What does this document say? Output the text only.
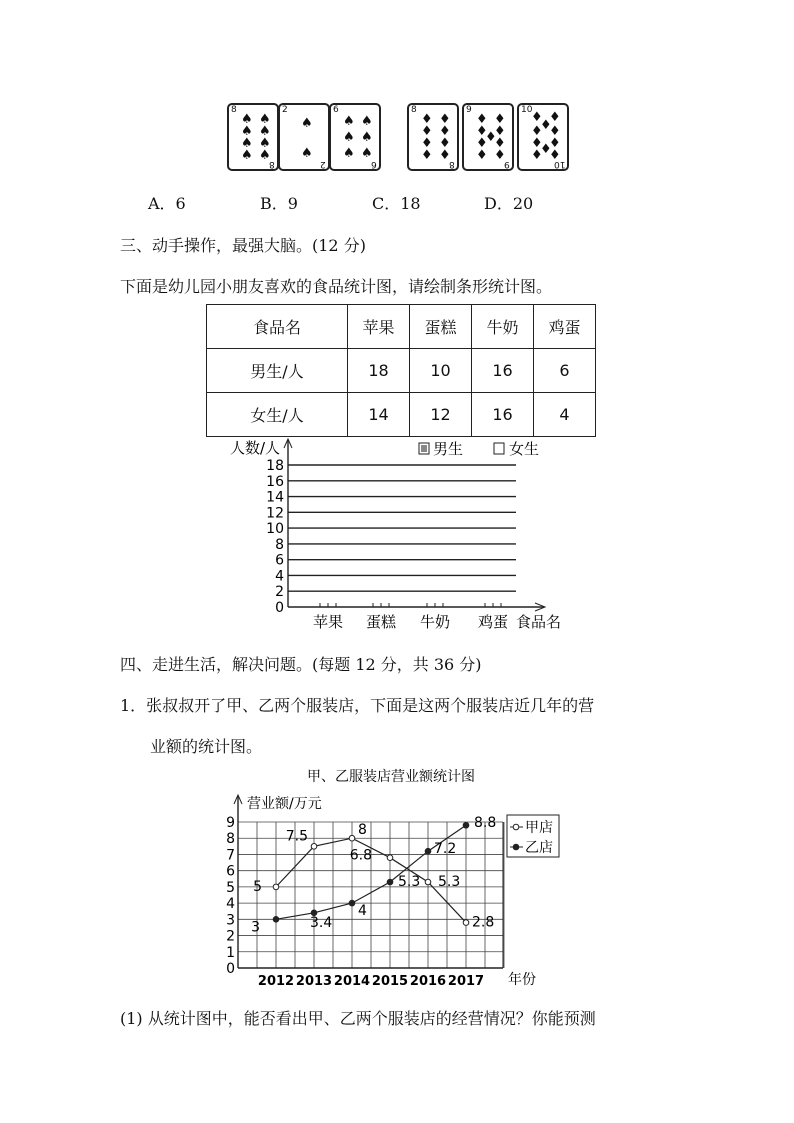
8
8
♠ ♠
♠ ♠
♠ ♠
♠ ♠
2
2
♠
♠
6
6
♠ ♠
♠ ♠
♠ ♠
8
8
♦ ♦
♦ ♦
♦ ♦
♦ ♦
9
9
♦ ♦
♦ ♦
♦
♦ ♦
♦ ♦
10
10
♦ ♦
♦
♦ ♦
♦ ♦
♦
♦ ♦
A．6	B．9	C．18	D．20
三、动手操作，最强大脑。(12 分)
下面是幼儿园小朋友喜欢的食品统计图，请绘制条形统计图。
食品名	苹果	蛋糕	牛奶	鸡蛋
男生/人	18	10	16	6
女生/人	14	12	16	4
人数/人	男生	女生
0
2
4
6
8
10
12
14
16
18
苹果 蛋糕 牛奶 鸡蛋 食品名
四、走进生活，解决问题。(每题 12 分，共 36 分)
1．张叔叔开了甲、乙两个服装店，下面是这两个服装店近几年的营
业额的统计图。
甲、乙服装店营业额统计图
营业额/万元
0
1
2
3
4
5
6
7
8
9
2012 2013 2014 2015 2016 2017
5
7.5	8
6.8
5.3
2.8
3	3.4
4
5.3
7.2
8.8 甲店
乙店
年份
(1) 从统计图中，能否看出甲、乙两个服装店的经营情况？你能预测
